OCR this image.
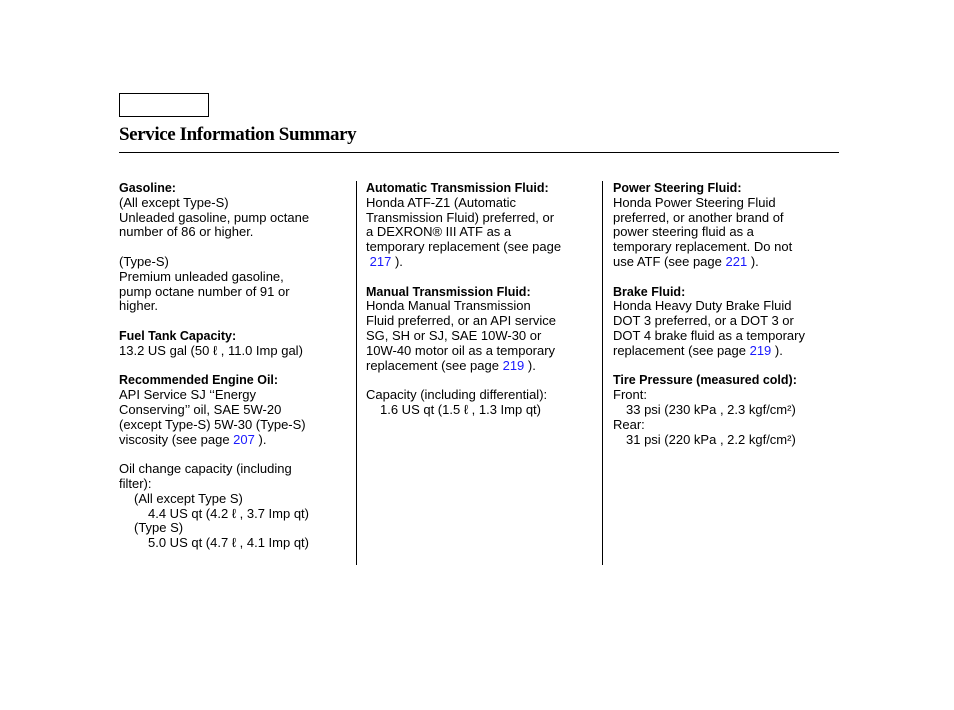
Service Information Summary
Gasoline:
(All except Type-S)
Unleaded gasoline, pump octane
number of 86 or higher.
(Type-S)
Premium unleaded gasoline,
pump octane number of 91 or
higher.
Fuel Tank Capacity:
13.2 US gal (50 ℓ , 11.0 Imp gal)
Recommended Engine Oil:
API Service SJ ‘‘Energy
Conserving’’ oil, SAE 5W-20
(except Type-S) 5W-30 (Type-S)
viscosity (see page 207 ).
Oil change capacity (including
filter):
(All except Type S)
4.4 US qt (4.2 ℓ , 3.7 Imp qt)
(Type S)
5.0 US qt (4.7 ℓ , 4.1 Imp qt)
Automatic Transmission Fluid:
Honda ATF-Z1 (Automatic
Transmission Fluid) preferred, or
a DEXRON® III ATF as a
temporary replacement (see page
217 ).
Manual Transmission Fluid:
Honda Manual Transmission
Fluid preferred, or an API service
SG, SH or SJ, SAE 10W-30 or
10W-40 motor oil as a temporary
replacement (see page 219 ).
Capacity (including differential):
1.6 US qt (1.5 ℓ , 1.3 Imp qt)
Power Steering Fluid:
Honda Power Steering Fluid
preferred, or another brand of
power steering fluid as a
temporary replacement. Do not
use ATF (see page 221 ).
Brake Fluid:
Honda Heavy Duty Brake Fluid
DOT 3 preferred, or a DOT 3 or
DOT 4 brake fluid as a temporary
replacement (see page 219 ).
Tire Pressure (measured cold):
Front:
33 psi (230 kPa , 2.3 kgf/cm²)
Rear:
31 psi (220 kPa , 2.2 kgf/cm²)
